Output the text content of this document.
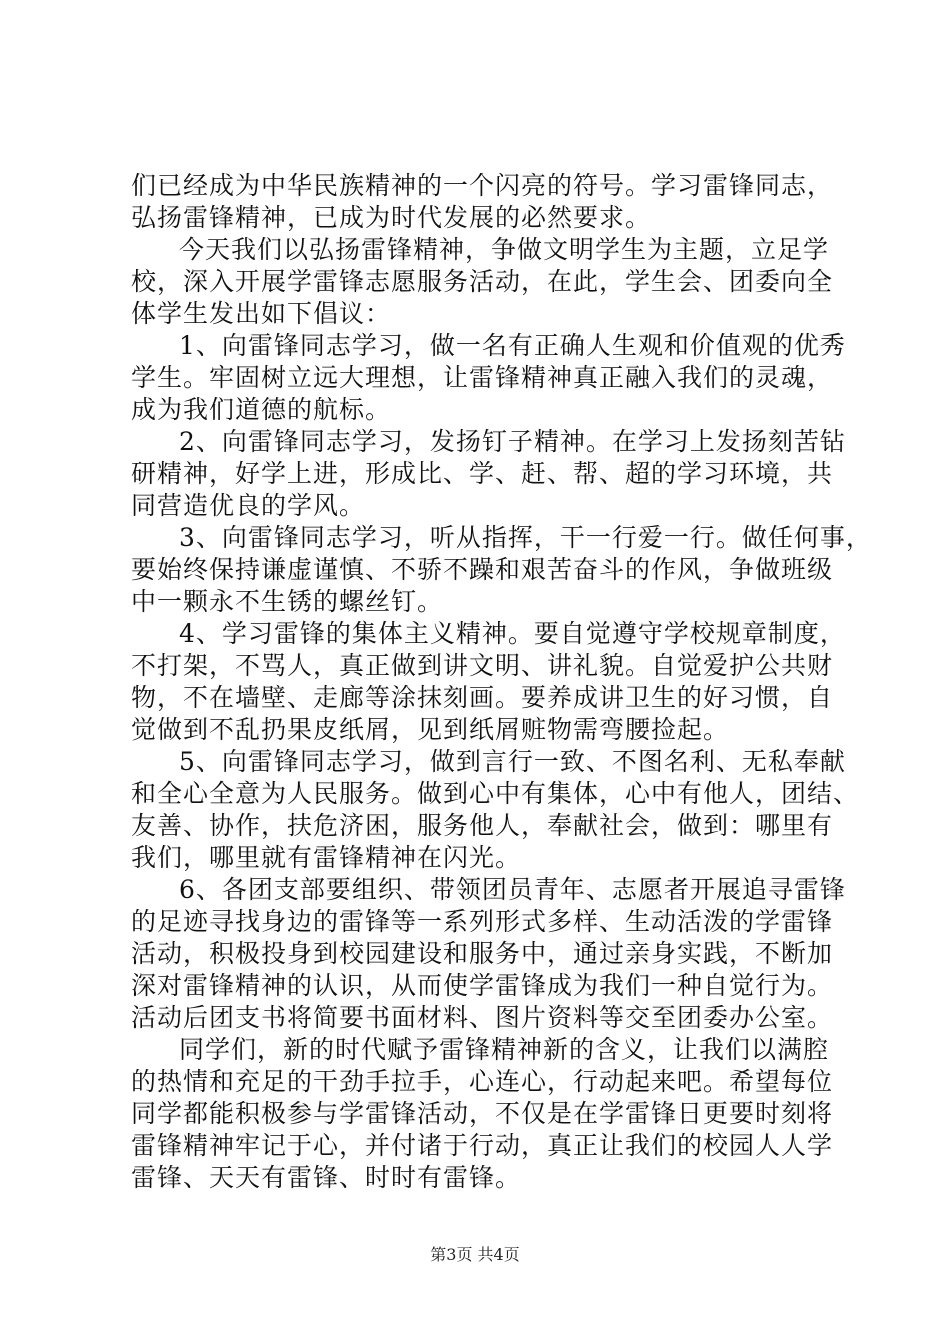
们已经成为中华民族精神的一个闪亮的符号。学习雷锋同志，
弘扬雷锋精神，已成为时代发展的必然要求。
今天我们以弘扬雷锋精神，争做文明学生为主题，立足学
校，深入开展学雷锋志愿服务活动，在此，学生会、团委向全
体学生发出如下倡议：
1、向雷锋同志学习，做一名有正确人生观和价值观的优秀
学生。牢固树立远大理想，让雷锋精神真正融入我们的灵魂，
成为我们道德的航标。
2、向雷锋同志学习，发扬钉子精神。在学习上发扬刻苦钻
研精神，好学上进，形成比、学、赶、帮、超的学习环境，共
同营造优良的学风。
3、向雷锋同志学习，听从指挥，干一行爱一行。做任何事，
要始终保持谦虚谨慎、不骄不躁和艰苦奋斗的作风，争做班级
中一颗永不生锈的螺丝钉。
4、学习雷锋的集体主义精神。要自觉遵守学校规章制度，
不打架，不骂人，真正做到讲文明、讲礼貌。自觉爱护公共财
物，不在墙壁、走廊等涂抹刻画。要养成讲卫生的好习惯，自
觉做到不乱扔果皮纸屑，见到纸屑赃物需弯腰捡起。
5、向雷锋同志学习，做到言行一致、不图名利、无私奉献
和全心全意为人民服务。做到心中有集体，心中有他人，团结、
友善、协作，扶危济困，服务他人，奉献社会，做到：哪里有
我们，哪里就有雷锋精神在闪光。
6、各团支部要组织、带领团员青年、志愿者开展追寻雷锋
的足迹寻找身边的雷锋等一系列形式多样、生动活泼的学雷锋
活动，积极投身到校园建设和服务中，通过亲身实践，不断加
深对雷锋精神的认识，从而使学雷锋成为我们一种自觉行为。
活动后团支书将简要书面材料、图片资料等交至团委办公室。
同学们，新的时代赋予雷锋精神新的含义，让我们以满腔
的热情和充足的干劲手拉手，心连心，行动起来吧。希望每位
同学都能积极参与学雷锋活动，不仅是在学雷锋日更要时刻将
雷锋精神牢记于心，并付诸于行动，真正让我们的校园人人学
雷锋、天天有雷锋、时时有雷锋。
第3页 共4页
